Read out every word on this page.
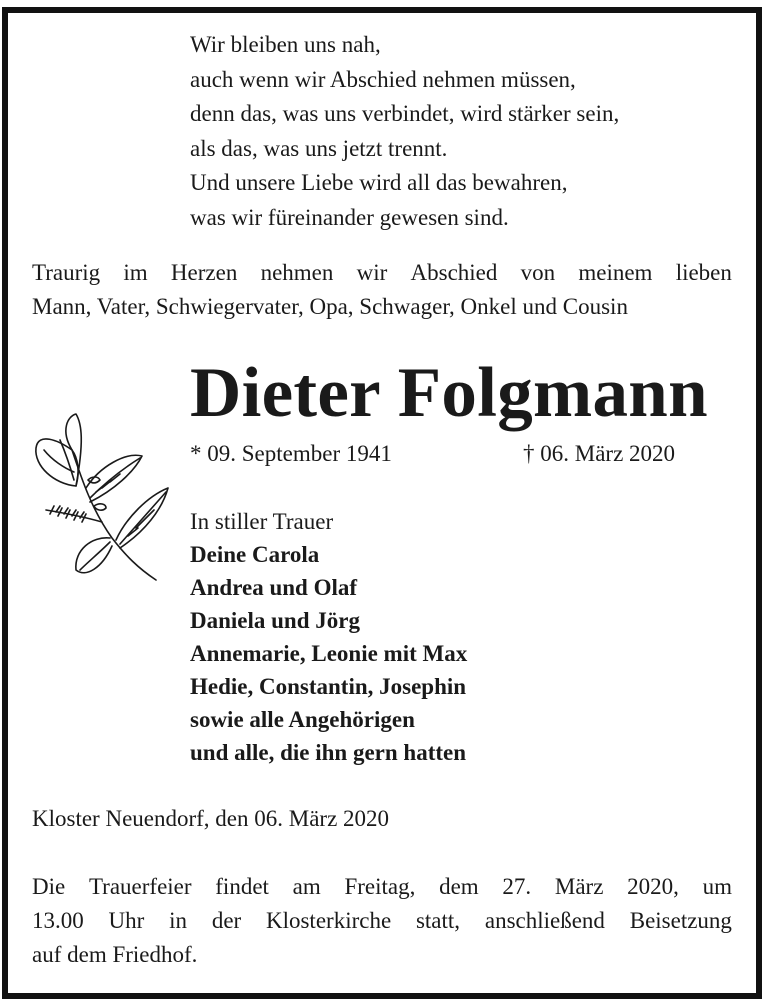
Wir bleiben uns nah,
auch wenn wir Abschied nehmen müssen,
denn das, was uns verbindet, wird stärker sein,
als das, was uns jetzt trennt.
Und unsere Liebe wird all das bewahren,
was wir füreinander gewesen sind.
Traurig im Herzen nehmen wir Abschied von meinem lieben
Mann, Vater, Schwiegervater, Opa, Schwager, Onkel und Cousin
Dieter Folgmann
* 09. September 1941	† 06. März 2020
In stiller Trauer
Deine Carola
Andrea und Olaf
Daniela und Jörg
Annemarie, Leonie mit Max
Hedie, Constantin, Josephin
sowie alle Angehörigen
und alle, die ihn gern hatten
Kloster Neuendorf, den 06. März 2020
Die Trauerfeier findet am Freitag, dem 27. März 2020, um
13.00 Uhr in der Klosterkirche statt, anschließend Beisetzung
auf dem Friedhof.
